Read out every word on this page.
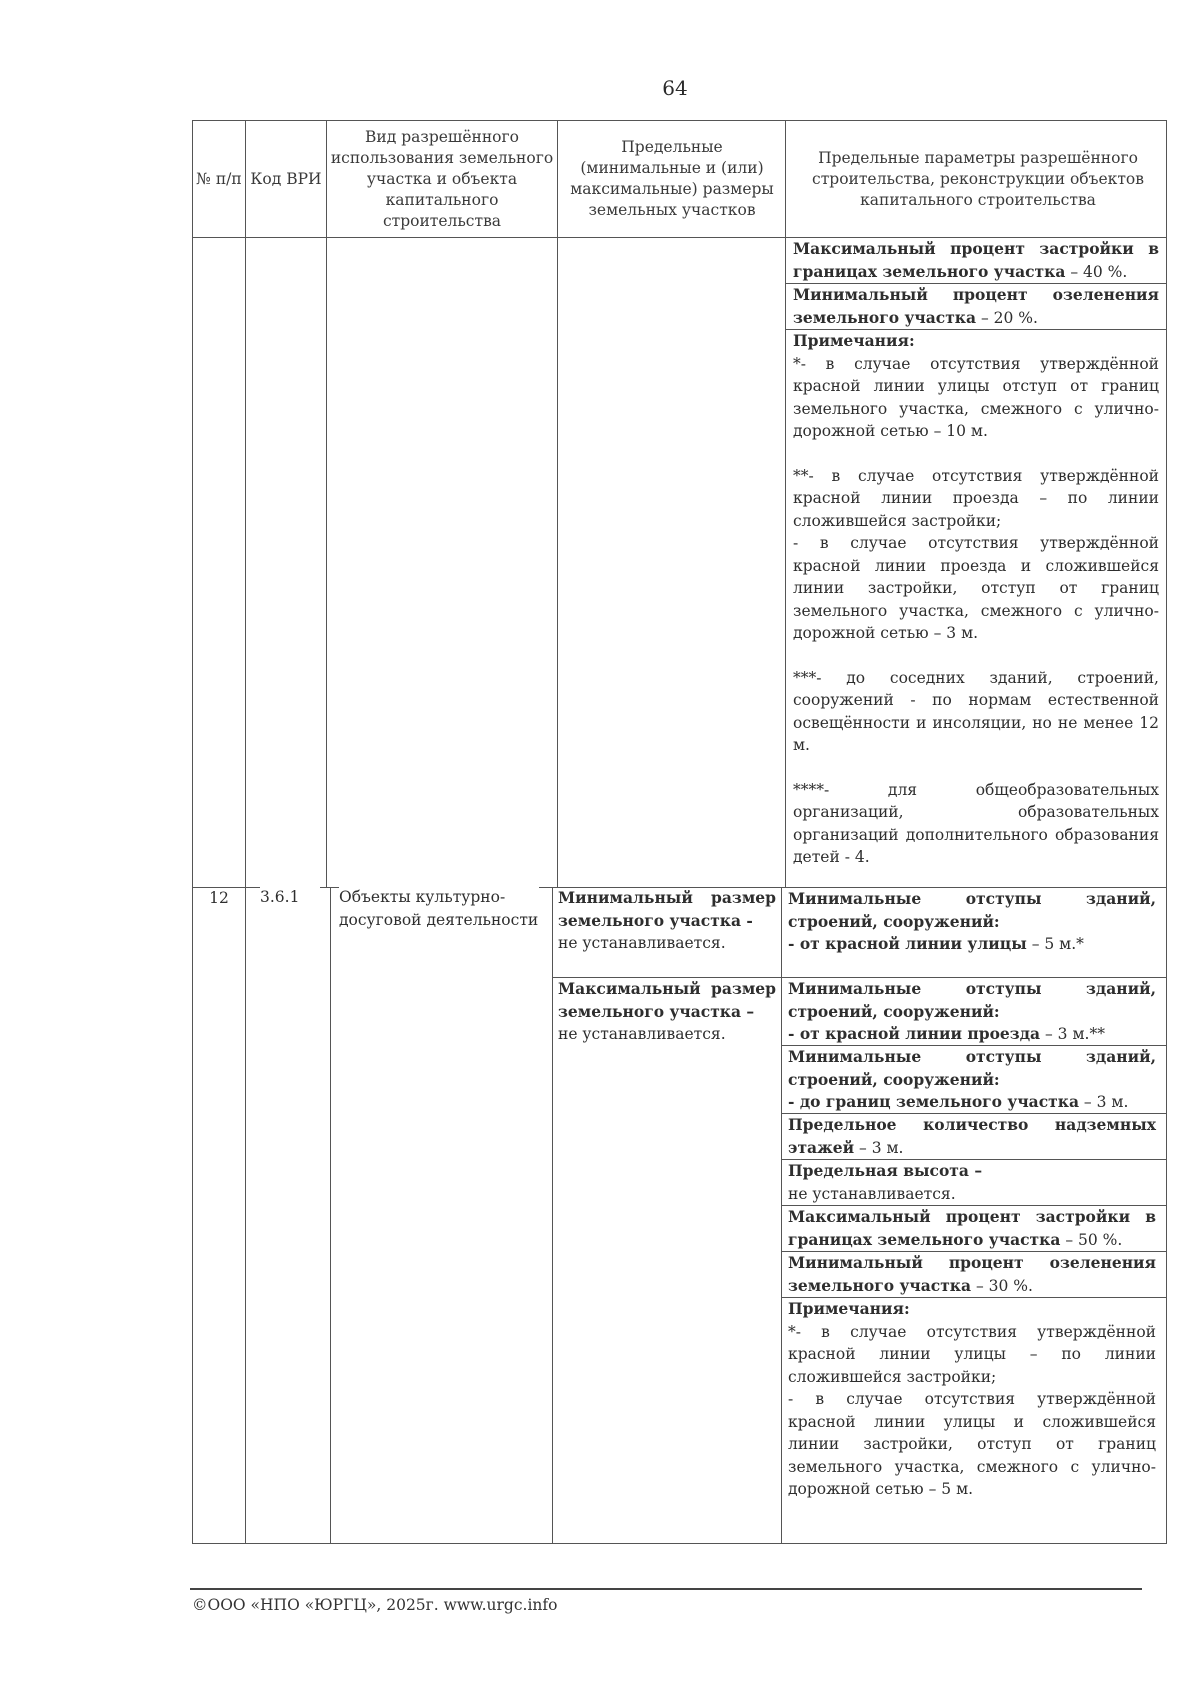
64
№ п/п Код ВРИ
Вид разрешённого использования земельного участка и объекта капитального строительства
Предельные (минимальные и (или) максимальные) размеры земельных участков
Предельные параметры разрешённого строительства, реконструкции объектов капитального строительства
Максимальный процент застройки в границах земельного участка – 40 %.
Минимальный процент озеленения земельного участка – 20 %.
Примечания:
*- в случае отсутствия утверждённой красной линии улицы отступ от границ земельного участка, смежного с улично-дорожной сетью – 10 м.
**- в случае отсутствия утверждённой красной линии проезда – по линии сложившейся застройки;
- в случае отсутствия утверждённой красной линии проезда и сложившейся линии застройки, отступ от границ земельного участка, смежного с улично-дорожной сетью – 3 м.
***- до соседних зданий, строений, сооружений - по нормам естественной освещённости и инсоляции, но не менее 12 м.
****- для общеобразовательных организаций, образовательных организаций дополнительного образования детей - 4.
12	Минимальный размер земельного участка -
не устанавливается.
Максимальный размер земельного участка –
не устанавливается.
Минимальные отступы зданий, строений, сооружений:
- от красной линии улицы – 5 м.*
Минимальные отступы зданий, строений, сооружений:
- от красной линии проезда – 3 м.**
Минимальные отступы зданий, строений, сооружений:
- до границ земельного участка – 3 м.
Предельное количество надземных этажей – 3 м.
Предельная высота –
не устанавливается.
Максимальный процент застройки в границах земельного участка – 50 %.
Минимальный процент озеленения земельного участка – 30 %.
Примечания:
*- в случае отсутствия утверждённой красной линии улицы – по линии сложившейся застройки;
- в случае отсутствия утверждённой красной линии улицы и сложившейся линии застройки, отступ от границ земельного участка, смежного с улично-дорожной сетью – 5 м.
Объекты культурно-досуговой деятельности
3.6.1
©ООО «НПО «ЮРГЦ», 2025г. www.urgc.info
